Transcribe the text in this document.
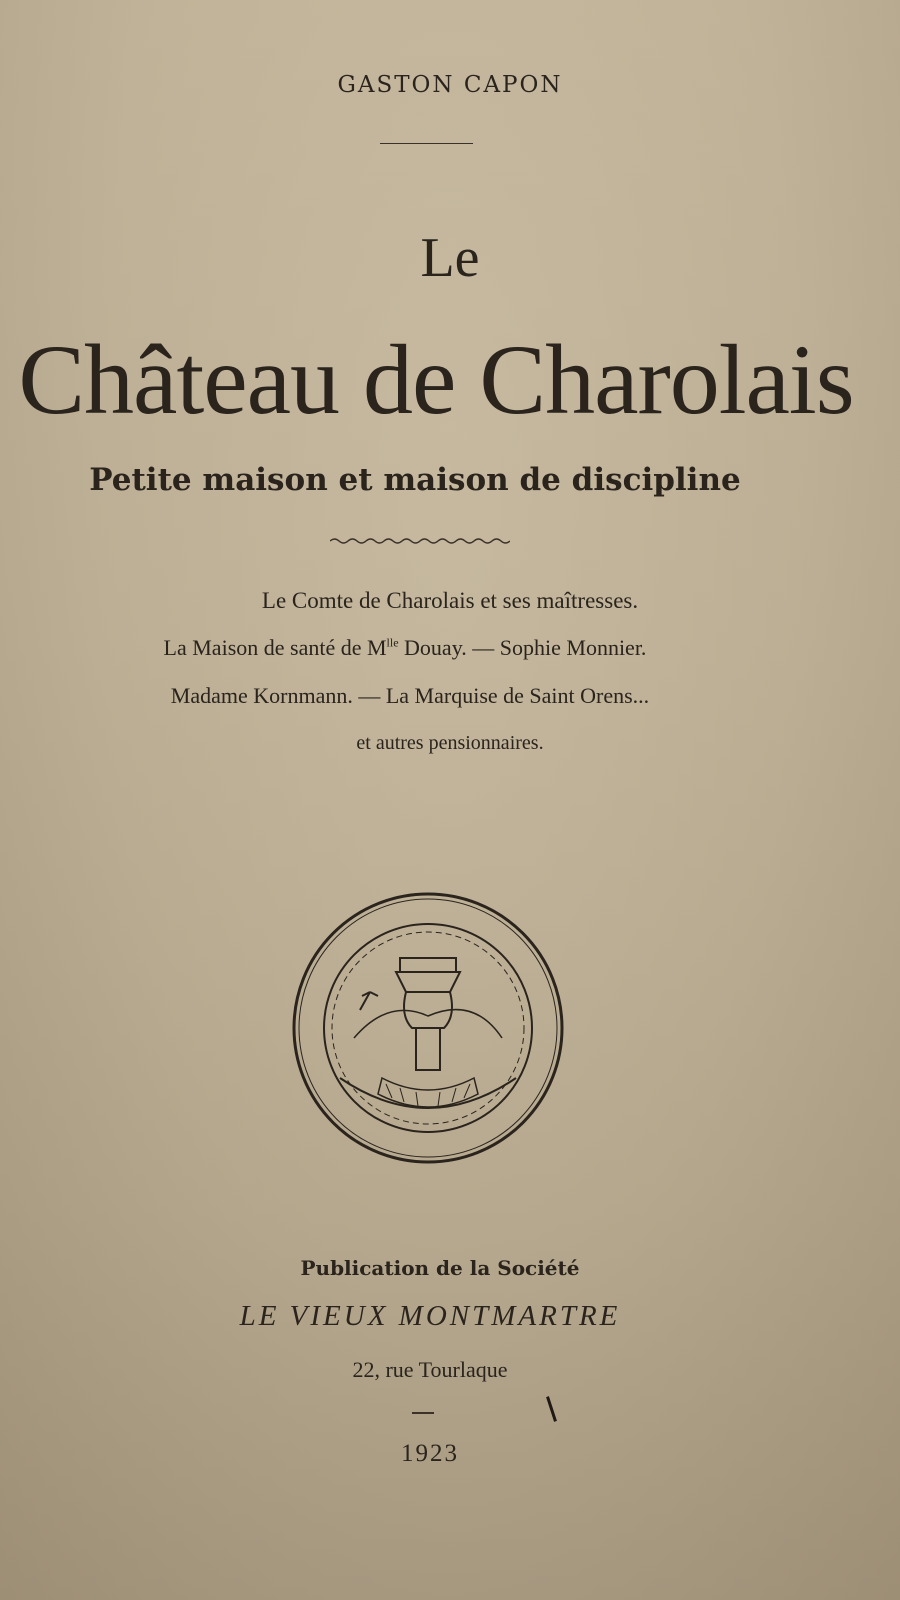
GASTON CAPON
Le
Château de Charolais
Petite maison et maison de discipline
Le Comte de Charolais et ses maîtresses.
La Maison de santé de $M^{lle}$ Douay. — Sophie Monnier.
Madame Kornmann. — La Marquise de Saint Orens...
et autres pensionnaires.
Publication de la Société
LE VIEUX MONTMARTRE
22, rue Tourlaque
1923
